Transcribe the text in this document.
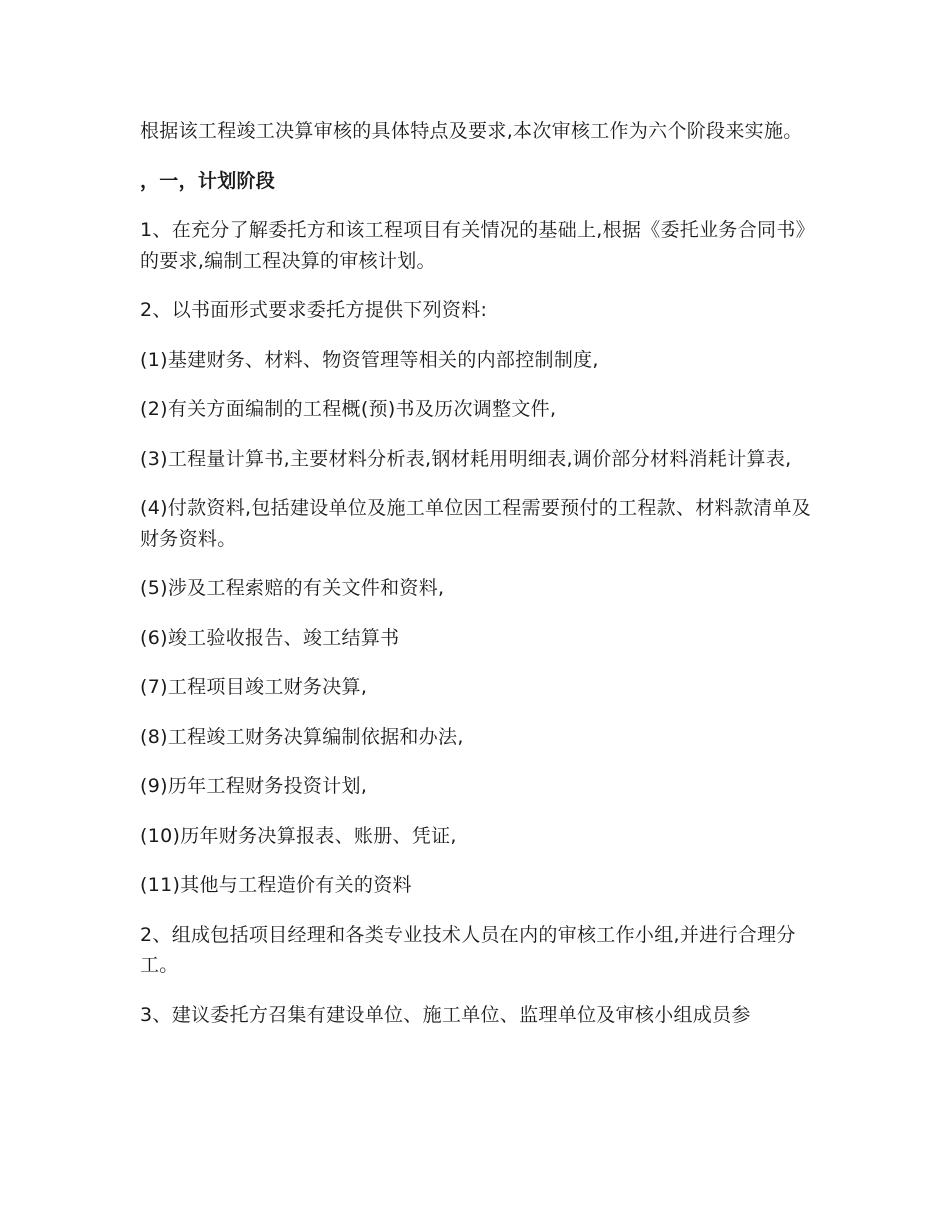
根据该工程竣工决算审核的具体特点及要求,本次审核工作为六个阶段来实施。

，一，计划阶段

1、在充分了解委托方和该工程项目有关情况的基础上,根据《委托业务合同书》的要求,编制工程决算的审核计划。

2、以书面形式要求委托方提供下列资料:

(1)基建财务、材料、物资管理等相关的内部控制制度,

(2)有关方面编制的工程概(预)书及历次调整文件,

(3)工程量计算书,主要材料分析表,钢材耗用明细表,调价部分材料消耗计算表,

(4)付款资料,包括建设单位及施工单位因工程需要预付的工程款、材料款清单及财务资料。

(5)涉及工程索赔的有关文件和资料,

(6)竣工验收报告、竣工结算书

(7)工程项目竣工财务决算,

(8)工程竣工财务决算编制依据和办法,

(9)历年工程财务投资计划,

(10)历年财务决算报表、账册、凭证,

(11)其他与工程造价有关的资料

2、组成包括项目经理和各类专业技术人员在内的审核工作小组,并进行合理分工。

3、建议委托方召集有建设单位、施工单位、监理单位及审核小组成员参
